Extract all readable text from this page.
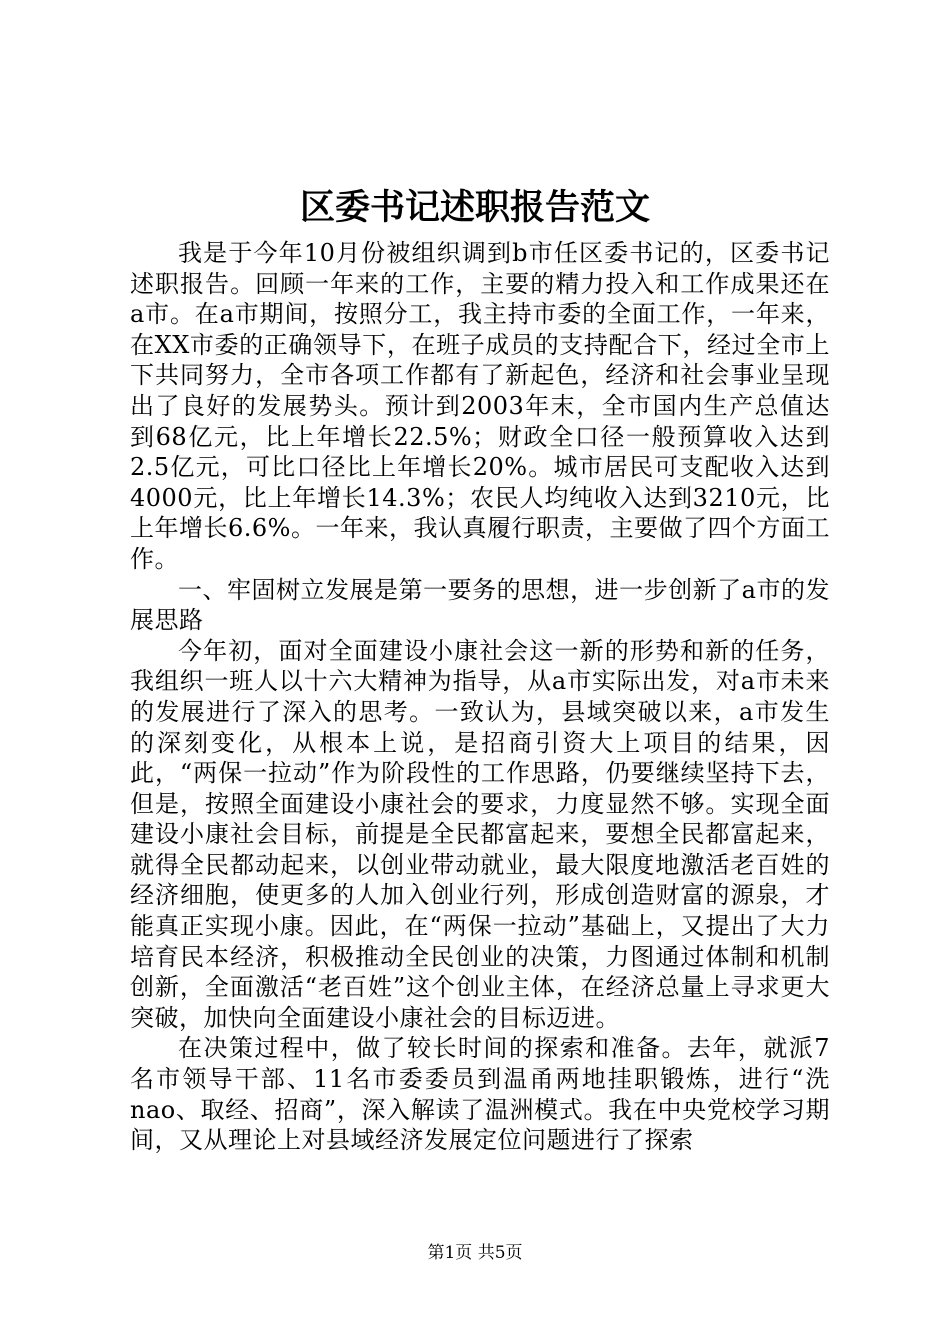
区委书记述职报告范文

我是于今年10月份被组织调到b市任区委书记的，区委书记述职报告。回顾一年来的工作，主要的精力投入和工作成果还在a市。在a市期间，按照分工，我主持市委的全面工作，一年来，在XX市委的正确领导下，在班子成员的支持配合下，经过全市上下共同努力，全市各项工作都有了新起色，经济和社会事业呈现出了良好的发展势头。预计到2003年末，全市国内生产总值达到68亿元，比上年增长22.5%；财政全口径一般预算收入达到2.5亿元，可比口径比上年增长20%。城市居民可支配收入达到4000元，比上年增长14.3%；农民人均纯收入达到3210元，比上年增长6.6%。一年来，我认真履行职责，主要做了四个方面工作。

一、牢固树立发展是第一要务的思想，进一步创新了a市的发展思路

今年初，面对全面建设小康社会这一新的形势和新的任务，我组织一班人以十六大精神为指导，从a市实际出发，对a市未来的发展进行了深入的思考。一致认为，县域突破以来，a市发生的深刻变化，从根本上说，是招商引资大上项目的结果，因此，“两保一拉动”作为阶段性的工作思路，仍要继续坚持下去，但是，按照全面建设小康社会的要求，力度显然不够。实现全面建设小康社会目标，前提是全民都富起来，要想全民都富起来，就得全民都动起来，以创业带动就业，最大限度地激活老百姓的经济细胞，使更多的人加入创业行列，形成创造财富的源泉，才能真正实现小康。因此，在“两保一拉动”基础上，又提出了大力培育民本经济，积极推动全民创业的决策，力图通过体制和机制创新，全面激活“老百姓”这个创业主体，在经济总量上寻求更大突破，加快向全面建设小康社会的目标迈进。

在决策过程中，做了较长时间的探索和准备。去年，就派7名市领导干部、11名市委委员到温甬两地挂职锻炼，进行“洗nao、取经、招商”，深入解读了温洲模式。我在中央党校学习期间，又从理论上对县域经济发展定位问题进行了探索

第1页 共5页
